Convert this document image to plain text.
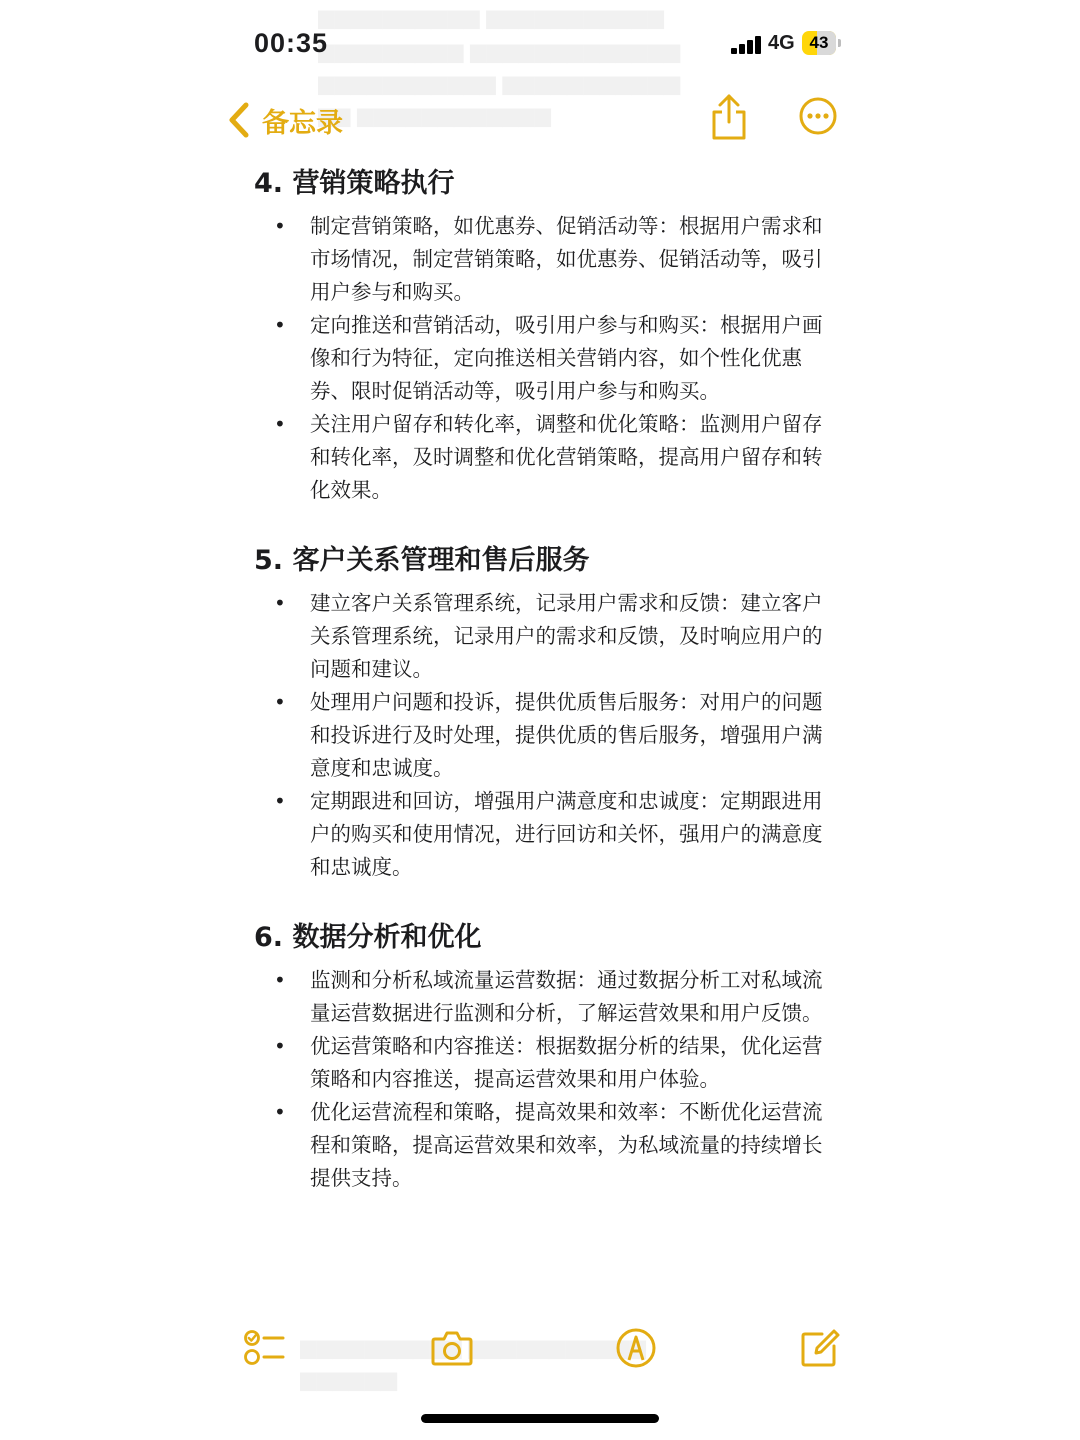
▆▆▆▆▆▆▆▆▆▆ ▆▆▆▆▆▆▆▆▆▆▆
▆▆▆▆▆▆▆▆▆ ▆▆▆▆▆▆▆▆▆▆▆▆▆
▆▆▆▆▆▆▆▆▆▆▆ ▆▆▆▆▆▆▆▆▆▆▆
▆▆ ▆▆▆▆▆▆▆▆▆▆▆▆
00:35	4G 43
备忘录
4. 营销策略执行
• 制定营销策略，如优惠券、促销活动等：根据用户需求和市场情况，制定营销策略，如优惠券、促销活动等，吸引用户参与和购买。
• 定向推送和营销活动，吸引用户参与和购买：根据用户画像和行为特征，定向推送相关营销内容，如个性化优惠券、限时促销活动等，吸引用户参与和购买。
• 关注用户留存和转化率，调整和优化策略：监测用户留存和转化率，及时调整和优化营销策略，提高用户留存和转化效果。
5. 客户关系管理和售后服务
• 建立客户关系管理系统，记录用户需求和反馈：建立客户关系管理系统，记录用户的需求和反馈，及时响应用户的问题和建议。
• 处理用户问题和投诉，提供优质售后服务：对用户的问题和投诉进行及时处理，提供优质的售后服务，增强用户满意度和忠诚度。
• 定期跟进和回访，增强用户满意度和忠诚度：定期跟进用户的购买和使用情况，进行回访和关怀，强用户的满意度和忠诚度。
6. 数据分析和优化
• 监测和分析私域流量运营数据：通过数据分析工对私域流量运营数据进行监测和分析，了解运营效果和用户反馈。
• 优运营策略和内容推送：根据数据分析的结果，优化运营策略和内容推送，提高运营效果和用户体验。
• 优化运营流程和策略，提高效果和效率：不断优化运营流程和策略，提高运营效果和效率，为私域流量的持续增长提供支持。
▆▆▆▆▆▆▆▆▆▆ ▆▆▆▆▆▆▆▆▆▆▆
▆▆▆▆▆▆
